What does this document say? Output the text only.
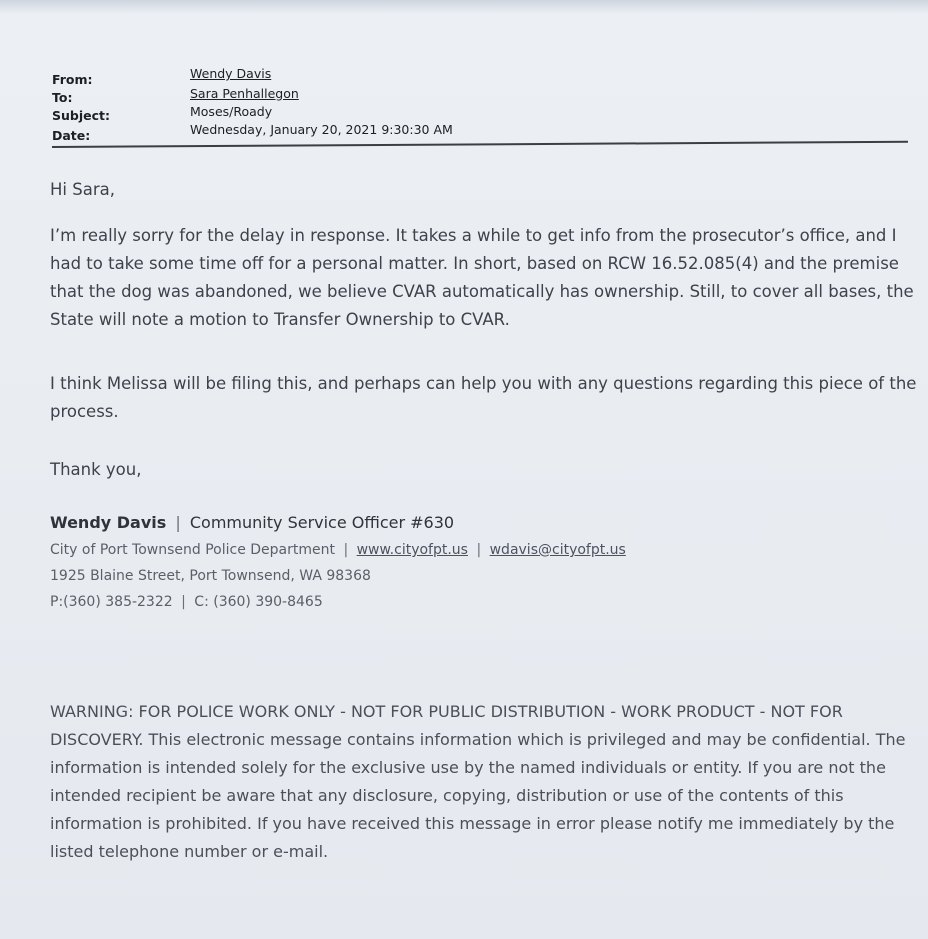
From:	Wendy Davis
To:	Sara Penhallegon
Subject:	Moses/Roady
Date:	Wednesday, January 20, 2021 9:30:30 AM
Hi Sara,
I’m really sorry for the delay in response. It takes a while to get info from the prosecutor’s office, and I had to take some time off for a personal matter. In short, based on RCW 16.52.085(4) and the premise that the dog was abandoned, we believe CVAR automatically has ownership. Still, to cover all bases, the State will note a motion to Transfer Ownership to CVAR.
I think Melissa will be filing this, and perhaps can help you with any questions regarding this piece of the process.
Thank you,
Wendy Davis | Community Service Officer #630
City of Port Townsend Police Department | www.cityofpt.us | wdavis@cityofpt.us
1925 Blaine Street, Port Townsend, WA 98368
P:(360) 385-2322 | C: (360) 390-8465
WARNING: FOR POLICE WORK ONLY - NOT FOR PUBLIC DISTRIBUTION - WORK PRODUCT - NOT FOR DISCOVERY. This electronic message contains information which is privileged and may be confidential. The information is intended solely for the exclusive use by the named individuals or entity. If you are not the intended recipient be aware that any disclosure, copying, distribution or use of the contents of this information is prohibited. If you have received this message in error please notify me immediately by the listed telephone number or e-mail.
